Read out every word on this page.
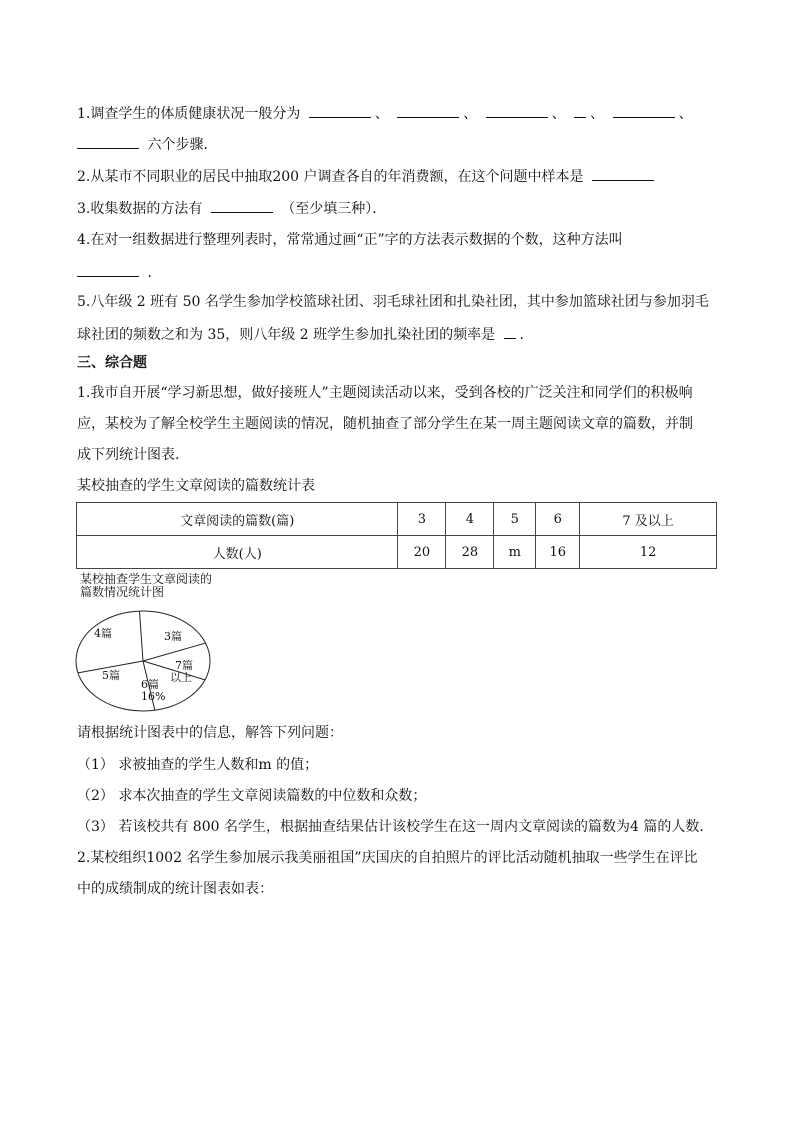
1.调查学生的体质健康状况一般分为	、	、	、 、	、
六个步骤．
2.从某市不同职业的居民中抽取200 户调查各自的年消费额，在这个问题中样本是
3.收集数据的方法有	（至少填三种）．
4.在对一组数据进行整理列表时，常常通过画“正”字的方法表示数据的个数，这种方法叫
．
5.八年级 2 班有 50 名学生参加学校篮球社团、羽毛球社团和扎染社团，其中参加篮球社团与参加羽毛
球社团的频数之和为 35，则八年级 2 班学生参加扎染社团的频率是 ．
三、综合题
1.我市自开展“学习新思想，做好接班人”主题阅读活动以来，受到各校的广泛关注和同学们的积极响
应，某校为了解全校学生主题阅读的情况，随机抽查了部分学生在某一周主题阅读文章的篇数，并制
成下列统计图表.
某校抽查的学生文章阅读的篇数统计表
文章阅读的篇数(篇)	3	4	5	6	7 及以上
人数(人)	20	28	m	16	12
某校抽查学生文章阅读的
篇数情况统计图
4篇	3篇
7篇
以上
6篇
16%
5篇
请根据统计图表中的信息，解答下列问题：
（1） 求被抽查的学生人数和m 的值；
（2） 求本次抽查的学生文章阅读篇数的中位数和众数；
（3） 若该校共有 800 名学生，根据抽查结果估计该校学生在这一周内文章阅读的篇数为4 篇的人数.
2.某校组织1002 名学生参加展示我美丽祖国”庆国庆的自拍照片的评比活动随机抽取一些学生在评比
中的成绩制成的统计图表如表：
